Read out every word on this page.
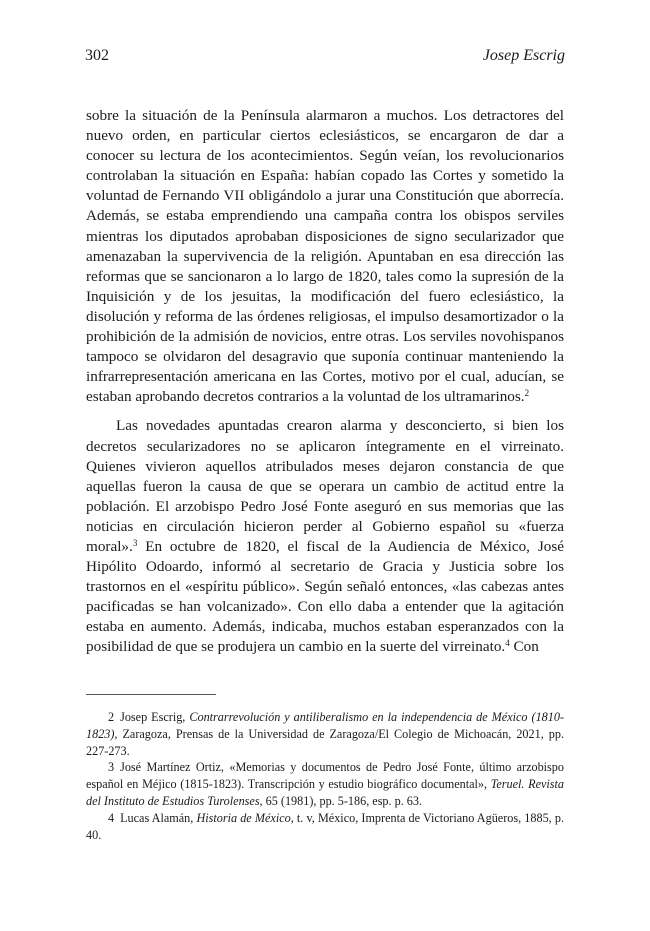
302	Josep Escrig

sobre la situación de la Península alarmaron a muchos. Los detractores del nuevo orden, en particular ciertos eclesiásticos, se encargaron de dar a conocer su lectura de los acontecimientos. Según veían, los revolucionarios controlaban la situación en España: habían copado las Cortes y sometido la voluntad de Fernando VII obligándolo a jurar una Constitución que aborrecía. Además, se estaba emprendiendo una campaña contra los obispos serviles mientras los diputados aprobaban disposiciones de signo secularizador que amenazaban la supervivencia de la religión. Apuntaban en esa dirección las reformas que se sancionaron a lo largo de 1820, tales como la supresión de la Inquisición y de los jesuitas, la modificación del fuero eclesiástico, la disolución y reforma de las órdenes religiosas, el impulso desamortizador o la prohibición de la admisión de novicios, entre otras. Los serviles novohispanos tampoco se olvidaron del desagravio que suponía continuar manteniendo la infrarrepresentación americana en las Cortes, motivo por el cual, aducían, se estaban aprobando decretos contrarios a la voluntad de los ultramarinos.$^2$

Las novedades apuntadas crearon alarma y desconcierto, si bien los decretos secularizadores no se aplicaron íntegramente en el virreinato. Quienes vivieron aquellos atribulados meses dejaron constancia de que aquellas fueron la causa de que se operara un cambio de actitud entre la población. El arzobispo Pedro José Fonte aseguró en sus memorias que las noticias en circulación hicieron perder al Gobierno español su «fuerza moral».$^3$ En octubre de 1820, el fiscal de la Audiencia de México, José Hipólito Odoardo, informó al secretario de Gracia y Justicia sobre los trastornos en el «espíritu público». Según señaló entonces, «las cabezas antes pacificadas se han volcanizado». Con ello daba a entender que la agitación estaba en aumento. Además, indicaba, muchos estaban esperanzados con la posibilidad de que se produjera un cambio en la suerte del virreinato.$^4$ Con

2 Josep Escrig, Contrarrevolución y antiliberalismo en la independencia de México (1810-1823), Zaragoza, Prensas de la Universidad de Zaragoza/El Colegio de Michoacán, 2021, pp. 227-273.

3 José Martínez Ortiz, «Memorias y documentos de Pedro José Fonte, último arzobispo español en Méjico (1815-1823). Transcripción y estudio biográfico documental», Teruel. Revista del Instituto de Estudios Turolenses, 65 (1981), pp. 5-186, esp. p. 63.

4 Lucas Alamán, Historia de México, t. v, México, Imprenta de Victoriano Agüeros, 1885, p. 40.
